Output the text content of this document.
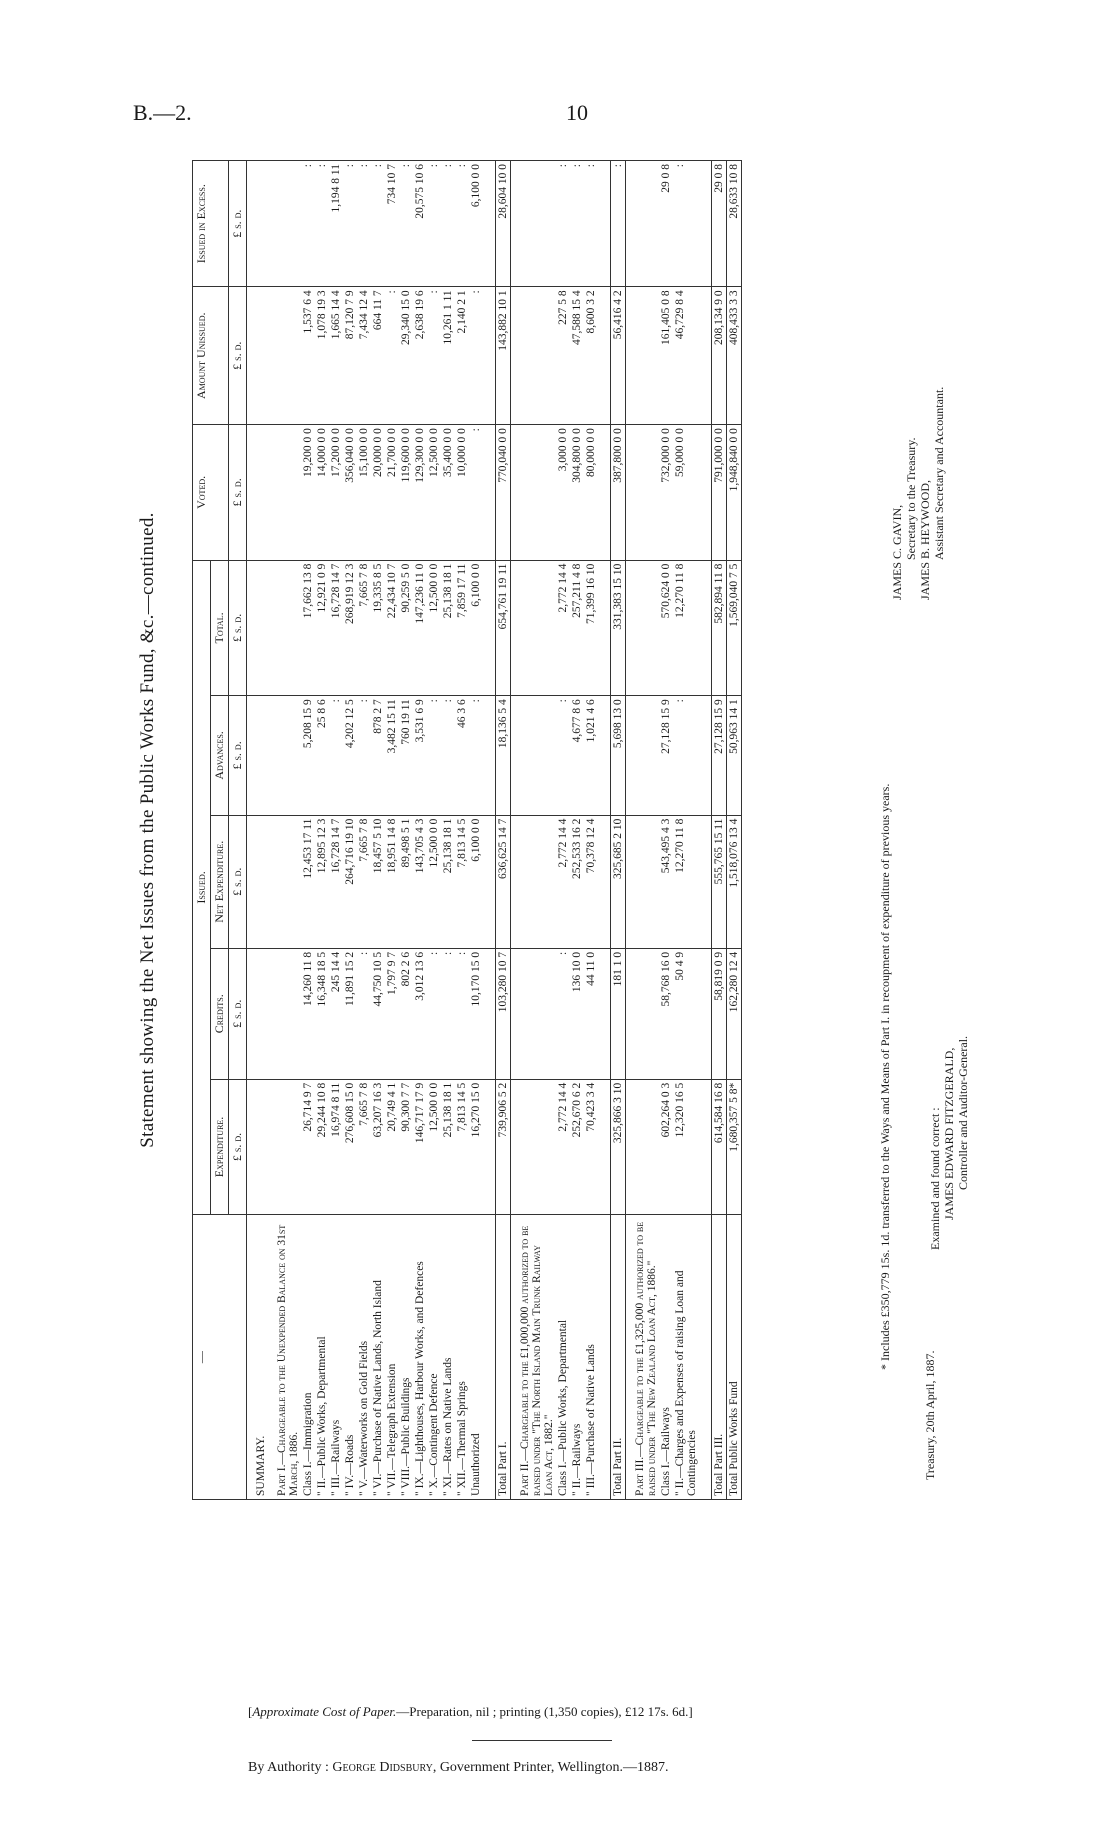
B.—2.	10
Statement showing the Net Issues from the Public Works Fund, &c.—continued.
—	Issued.					Voted.	Amount Unissued.	Issued in Excess.
	Expenditure.	Credits.	Net Expenditure.	Advances.	Total.			
	£ s. d.	£ s. d.	£ s. d.	£ s. d.	£ s. d.	£ s. d.	£ s. d.	£ s. d.
SUMMARY.								
Part I.—Chargeable to the Unexpended Balance on 31st March, 1886.								
Class I.—Immigration	26,714 9 7	14,260 11 8	12,453 17 11	5,208 15 9	17,662 13 8	19,200 0 0	1,537 6 4	:
" II.—Public Works, Departmental	29,244 10 8	16,348 18 5	12,895 12 3	25 8 6	12,921 0 9	14,000 0 0	1,078 19 3	:
" III.—Railways	16,974 8 11	245 14 4	16,728 14 7	:	16,728 14 7	17,200 0 0	1,665 14 4	1,194 8 11
" IV.—Roads	276,608 15 0	11,891 15 2	264,716 19 10	4,202 12 5	268,919 12 3	356,040 0 0	87,120 7 9	:
" V.—Waterworks on Gold Fields	7,665 7 8	:	7,665 7 8	:	7,665 7 8	15,100 0 0	7,434 12 4	:
" VI.—Purchase of Native Lands, North Island	63,207 16 3	44,750 10 5	18,457 5 10	878 2 7	19,335 8 5	20,000 0 0	664 11 7	:
" VII.—Telegraph Extension	20,749 4 1	1,797 9 7	18,951 14 8	3,482 15 11	22,434 10 7	21,700 0 0	:	734 10 7
" VIII.—Public Buildings	90,300 7 7	802 2 6	89,498 5 1	760 19 11	90,259 5 0	119,600 0 0	29,340 15 0	:
" IX.—Lighthouses, Harbour Works, and Defences	146,717 17 9	3,012 13 6	143,705 4 3	3,531 6 9	147,236 11 0	129,300 0 0	2,638 19 6	20,575 10 6
" X.—Contingent Defence	12,500 0 0	:	12,500 0 0	:	12,500 0 0	12,500 0 0	:	:
" XI.—Rates on Native Lands	25,138 18 1	:	25,138 18 1	:	25,138 18 1	35,400 0 0	10,261 1 11	:
" XII.—Thermal Springs	7,813 14 5	:	7,813 14 5	46 3 6	7,859 17 11	10,000 0 0	2,140 2 1	:
Unauthorized	16,270 15 0	10,170 15 0	6,100 0 0	:	6,100 0 0	:	:	6,100 0 0

Total Part I.	739,906 5 2	103,280 10 7	636,625 14 7	18,136 5 4	654,761 19 11	770,040 0 0	143,882 10 1	28,604 10 0
Part II.—Chargeable to the £1,000,000 authorized to be raised under "The North Island Main Trunk Railway Loan Act, 1882."								
Class I.—Public Works, Departmental	2,772 14 4	:	2,772 14 4	:	2,772 14 4	3,000 0 0	227 5 8	:
" II.—Railways	252,670 6 2	136 10 0	252,533 16 2	4,677 8 6	257,211 4 8	304,800 0 0	47,588 15 4	:
" III.—Purchase of Native Lands	70,423 3 4	44 11 0	70,378 12 4	1,021 4 6	71,399 16 10	80,000 0 0	8,600 3 2	:

Total Part II.	325,866 3 10	181 1 0	325,685 2 10	5,698 13 0	331,383 15 10	387,800 0 0	56,416 4 2	:
Part III.—Chargeable to the £1,325,000 authorized to be raised under "The New Zealand Loan Act, 1886."								
Class I.—Railways	602,264 0 3	58,768 16 0	543,495 4 3	27,128 15 9	570,624 0 0	732,000 0 0	161,405 0 8	29 0 8
" II.—Charges and Expenses of raising Loan and Contingencies	12,320 16 5	50 4 9	12,270 11 8	:	12,270 11 8	59,000 0 0	46,729 8 4	:

Total Part III.	614,584 16 8	58,819 0 9	555,765 15 11	27,128 15 9	582,894 11 8	791,000 0 0	208,134 9 0	29 0 8
Total Public Works Fund	1,680,357 5 8*	162,280 12 4	1,518,076 13 4	50,963 14 1	1,569,040 7 5	1,948,840 0 0	408,433 3 3	28,633 10 8
* Includes £350,779 15s. 1d. transferred to the Ways and Means of Part I. in recoupment of expenditure of previous years.
Treasury, 20th April, 1887.
Examined and found correct : JAMES EDWARD FITZGERALD, Controller and Auditor-General.
JAMES C. GAVIN, Secretary to the Treasury. JAMES B. HEYWOOD, Assistant Secretary and Accountant.
[Approximate Cost of Paper.—Preparation, nil ; printing (1,350 copies), £12 17s. 6d.]
By Authority : George Didsbury, Government Printer, Wellington.—1887.
